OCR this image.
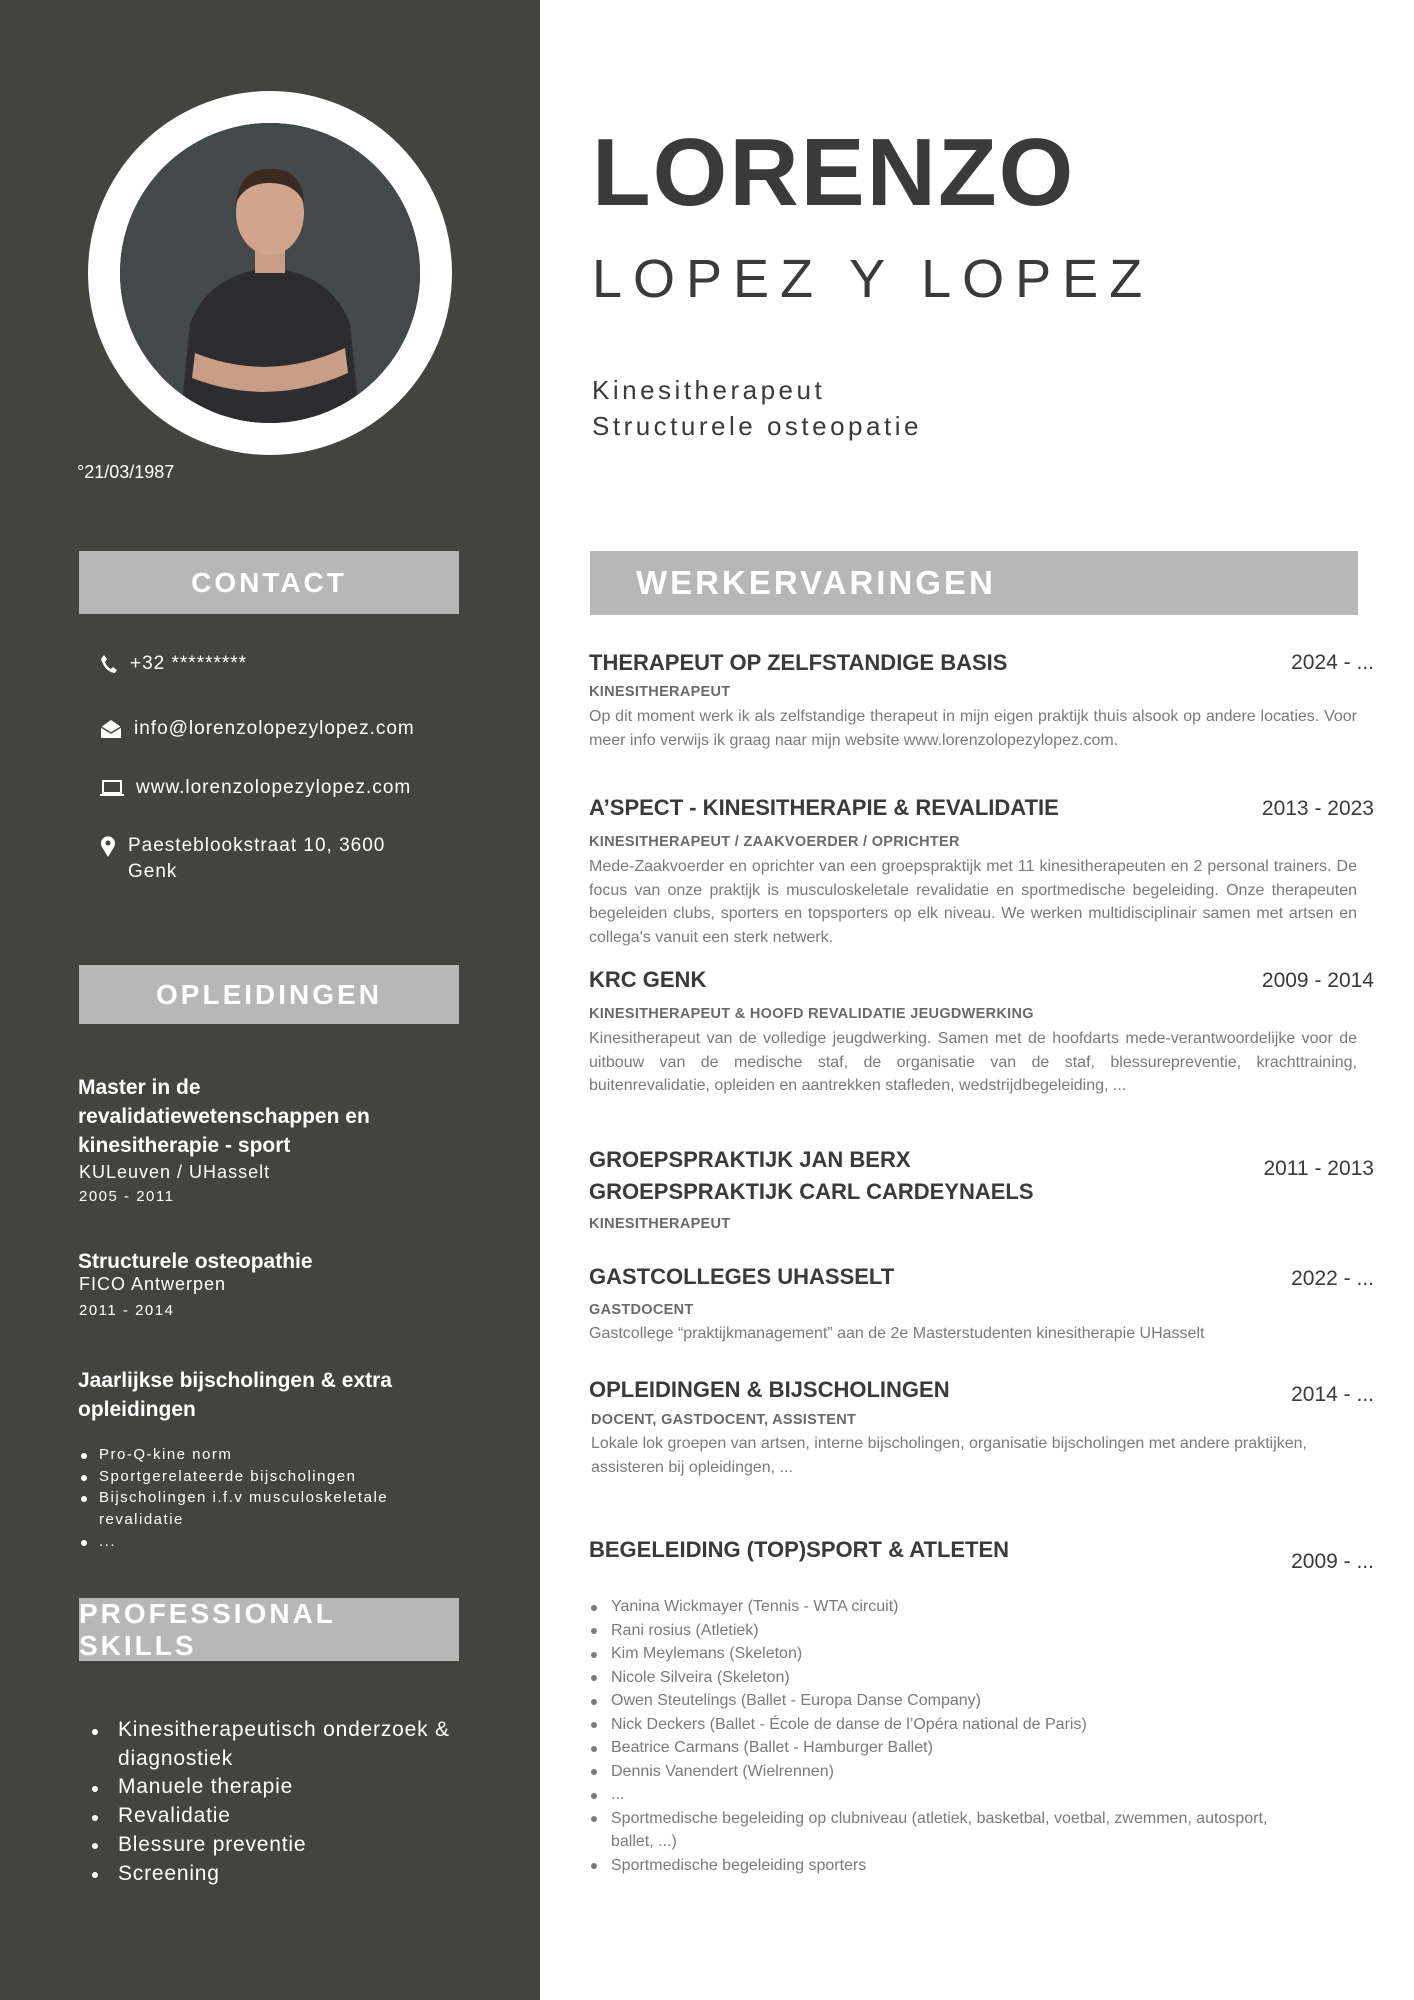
°21/03/1987
CONTACT
+32 *********
info@lorenzolopezylopez.com
www.lorenzolopezylopez.com
Paesteblookstraat 10, 3600 Genk
OPLEIDINGEN
Master in de revalidatiewetenschappen en kinesitherapie - sport
KULeuven / UHasselt
2005 - 2011
Structurele osteopathie
FICO Antwerpen
2011 - 2014
Jaarlijkse bijscholingen & extra opleidingen
Pro-Q-kine norm
Sportgerelateerde bijscholingen
Bijscholingen i.f.v musculoskeletale revalidatie
...
PROFESSIONAL SKILLS
Kinesitherapeutisch onderzoek & diagnostiek
Manuele therapie
Revalidatie
Blessure preventie
Screening
LORENZO
LOPEZ Y LOPEZ
Kinesitherapeut
Structurele osteopatie
WERKERVARINGEN
THERAPEUT OP ZELFSTANDIGE BASIS	2024 - ...
KINESITHERAPEUT
Op dit moment werk ik als zelfstandige therapeut in mijn eigen praktijk thuis alsook op andere locaties. Voor meer info verwijs ik graag naar mijn website www.lorenzolopezylopez.com.
A’SPECT - KINESITHERAPIE & REVALIDATIE	2013 - 2023
KINESITHERAPEUT / ZAAKVOERDER / OPRICHTER
Mede-Zaakvoerder en oprichter van een groepspraktijk met 11 kinesitherapeuten en 2 personal trainers. De focus van onze praktijk is musculoskeletale revalidatie en sportmedische begeleiding. Onze therapeuten begeleiden clubs, sporters en topsporters op elk niveau. We werken multidisciplinair samen met artsen en collega's vanuit een sterk netwerk.
KRC GENK	2009 - 2014
KINESITHERAPEUT & HOOFD REVALIDATIE JEUGDWERKING
Kinesitherapeut van de volledige jeugdwerking. Samen met de hoofdarts mede-verantwoordelijke voor de uitbouw van de medische staf, de organisatie van de staf, blessurepreventie, krachttraining, buitenrevalidatie, opleiden en aantrekken stafleden, wedstrijdbegeleiding, ...
GROEPSPRAKTIJK JAN BERX
GROEPSPRAKTIJK CARL CARDEYNAELS
2011 - 2013
KINESITHERAPEUT
GASTCOLLEGES UHASSELT	2022 - ...
GASTDOCENT
Gastcollege “praktijkmanagement” aan de 2e Masterstudenten kinesitherapie UHasselt
OPLEIDINGEN & BIJSCHOLINGEN	2014 - ...
DOCENT, GASTDOCENT, ASSISTENT
Lokale lok groepen van artsen, interne bijscholingen, organisatie bijscholingen met andere praktijken, assisteren bij opleidingen, ...
BEGELEIDING (TOP)SPORT & ATLETEN	2009 - ...
Yanina Wickmayer (Tennis - WTA circuit)
Rani rosius (Atletiek)
Kim Meylemans (Skeleton)
Nicole Silveira (Skeleton)
Owen Steutelings (Ballet - Europa Danse Company)
Nick Deckers (Ballet - École de danse de l’Opéra national de Paris)
Beatrice Carmans (Ballet - Hamburger Ballet)
Dennis Vanendert (Wielrennen)
...
Sportmedische begeleiding op clubniveau (atletiek, basketbal, voetbal, zwemmen, autosport, ballet, ...)
Sportmedische begeleiding sporters
